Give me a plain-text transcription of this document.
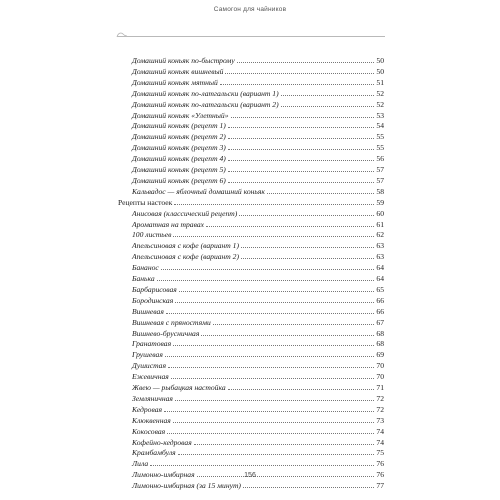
Самогон для чайников
Домашний коньяк по-быстрому	50
Домашний коньяк вишневый	50
Домашний коньяк мятный	51
Домашний коньяк по-латгальски (вариант 1)	52
Домашний коньяк по-латгальски (вариант 2)	52
Домашний коньяк «Улетный»	53
Домашний коньяк (рецепт 1)	54
Домашний коньяк (рецепт 2)	55
Домашний коньяк (рецепт 3)	55
Домашний коньяк (рецепт 4)	56
Домашний коньяк (рецепт 5)	57
Домашний коньяк (рецепт 6)	57
Кальвадос — яблочный домашний коньяк	58
Рецепты настоек	59
Анисовая (классический рецепт)	60
Ароматная на травах	61
100 листьев	62
Апельсиновая с кофе (вариант 1)	63
Апельсиновая с кофе (вариант 2)	63
Бананос	64
Банька	64
Барбарисовая	65
Бородинская	66
Вишневая	66
Вишневая с пряностями	67
Вишнево-брусничная	68
Гранатовая	68
Грушевая	69
Душистая	70
Ежевичная	70
Жвею — рыбацкая настойка	71
Земляничная	72
Кедровая	72
Клюквенная	73
Кокосовая	74
Кофейно-кедровая	74
Крамбамбуля	75
Лила	76
Лимонно-имбирная	76
Лимонно-имбирная (за 15 минут)	77
156
